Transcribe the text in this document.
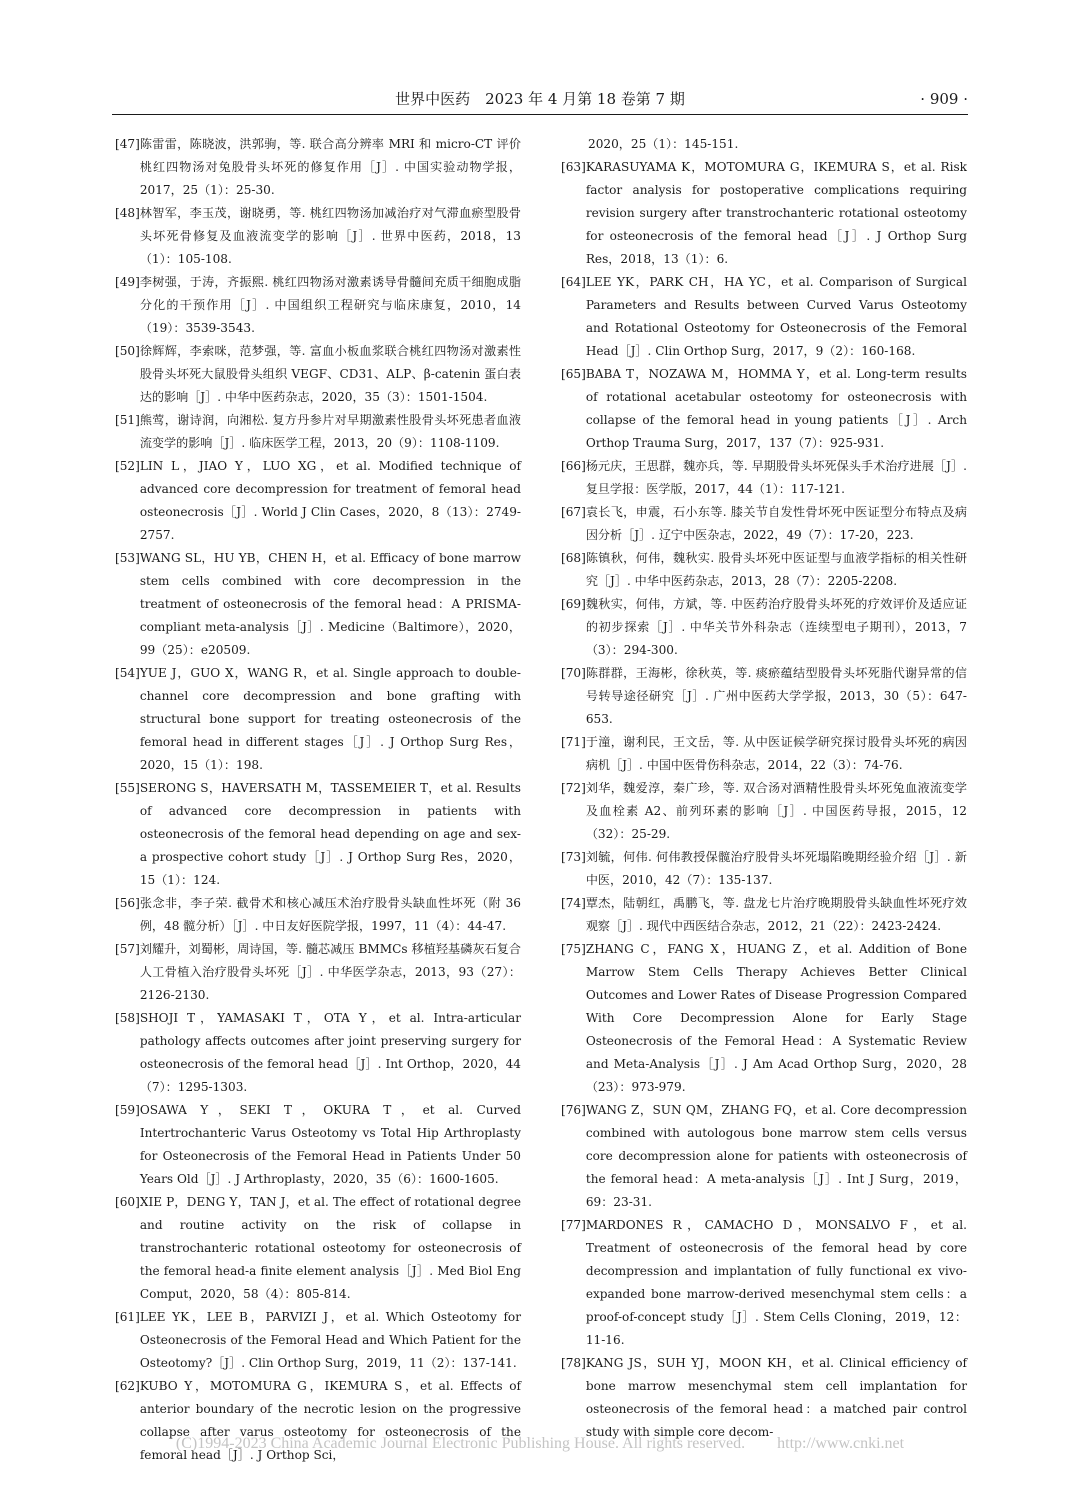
世界中医药　2023 年 4 月第 18 卷第 7 期	· 909 ·
[47] 陈雷雷，陈晓波，洪郭驹，等. 联合高分辨率 MRI 和 micro-CT 评价桃红四物汤对兔股骨头坏死的修复作用［J］. 中国实验动物学报，2017，25（1）：25-30.
[48] 林智军，李玉茂，谢晓勇，等. 桃红四物汤加减治疗对气滞血瘀型股骨头坏死骨修复及血液流变学的影响［J］. 世界中医药，2018，13（1）：105-108.
[49] 李树强，于涛，齐振熙. 桃红四物汤对激素诱导骨髓间充质干细胞成脂分化的干预作用［J］. 中国组织工程研究与临床康复，2010，14（19）：3539-3543.
[50] 徐辉辉，李索咪，范梦强，等. 富血小板血浆联合桃红四物汤对激素性股骨头坏死大鼠股骨头组织 VEGF、CD31、ALP、β-catenin 蛋白表达的影响［J］. 中华中医药杂志，2020，35（3）：1501-1504.
[51] 熊莺，谢诗润，向湘松. 复方丹参片对早期激素性股骨头坏死患者血液流变学的影响［J］. 临床医学工程，2013，20（9）：1108-1109.
[52] LIN L，JIAO Y，LUO XG，et al. Modified technique of advanced core decompression for treatment of femoral head osteonecrosis［J］. World J Clin Cases，2020，8（13）：2749-2757.
[53] WANG SL，HU YB，CHEN H，et al. Efficacy of bone marrow stem cells combined with core decompression in the treatment of osteonecrosis of the femoral head：A PRISMA-compliant meta-analysis［J］. Medicine（Baltimore），2020，99（25）：e20509.
[54] YUE J，GUO X，WANG R，et al. Single approach to double-channel core decompression and bone grafting with structural bone support for treating osteonecrosis of the femoral head in different stages［J］. J Orthop Surg Res，2020，15（1）：198.
[55] SERONG S，HAVERSATH M，TASSEMEIER T，et al. Results of advanced core decompression in patients with osteonecrosis of the femoral head depending on age and sex-a prospective cohort study［J］. J Orthop Surg Res，2020，15（1）：124.
[56] 张念非，李子荣. 截骨术和核心减压术治疗股骨头缺血性坏死（附 36 例，48 髋分析）［J］. 中日友好医院学报，1997，11（4）：44-47.
[57] 刘耀升，刘蜀彬，周诗国，等. 髓芯减压 BMMCs 移植羟基磷灰石复合人工骨植入治疗股骨头坏死［J］. 中华医学杂志，2013，93（27）：2126-2130.
[58] SHOJI T，YAMASAKI T，OTA Y，et al. Intra-articular pathology affects outcomes after joint preserving surgery for osteonecrosis of the femoral head［J］. Int Orthop，2020，44（7）：1295-1303.
[59] OSAWA Y，SEKI T，OKURA T，et al. Curved Intertrochanteric Varus Osteotomy vs Total Hip Arthroplasty for Osteonecrosis of the Femoral Head in Patients Under 50 Years Old［J］. J Arthroplasty，2020，35（6）：1600-1605.
[60] XIE P，DENG Y，TAN J，et al. The effect of rotational degree and routine activity on the risk of collapse in transtrochanteric rotational osteotomy for osteonecrosis of the femoral head-a finite element analysis［J］. Med Biol Eng Comput，2020，58（4）：805-814.
[61] LEE YK，LEE B，PARVIZI J，et al. Which Osteotomy for Osteonecrosis of the Femoral Head and Which Patient for the Osteotomy?［J］. Clin Orthop Surg，2019，11（2）：137-141.
[62] KUBO Y，MOTOMURA G，IKEMURA S，et al. Effects of anterior boundary of the necrotic lesion on the progressive collapse after varus osteotomy for osteonecrosis of the femoral head［J］. J Orthop Sci，
2020，25（1）：145-151.
[63] KARASUYAMA K，MOTOMURA G，IKEMURA S，et al. Risk factor analysis for postoperative complications requiring revision surgery after transtrochanteric rotational osteotomy for osteonecrosis of the femoral head［J］. J Orthop Surg Res，2018，13（1）：6.
[64] LEE YK，PARK CH，HA YC，et al. Comparison of Surgical Parameters and Results between Curved Varus Osteotomy and Rotational Osteotomy for Osteonecrosis of the Femoral Head［J］. Clin Orthop Surg，2017，9（2）：160-168.
[65] BABA T，NOZAWA M，HOMMA Y，et al. Long-term results of rotational acetabular osteotomy for osteonecrosis with collapse of the femoral head in young patients［J］. Arch Orthop Trauma Surg，2017，137（7）：925-931.
[66] 杨元庆，王思群，魏亦兵，等. 早期股骨头坏死保头手术治疗进展［J］. 复旦学报：医学版，2017，44（1）：117-121.
[67] 袁长飞，申震，石小东等. 膝关节自发性骨坏死中医证型分布特点及病因分析［J］. 辽宁中医杂志，2022，49（7）：17-20，223.
[68] 陈镇秋，何伟，魏秋实. 股骨头坏死中医证型与血液学指标的相关性研究［J］. 中华中医药杂志，2013，28（7）：2205-2208.
[69] 魏秋实，何伟，方斌，等. 中医药治疗股骨头坏死的疗效评价及适应证的初步探索［J］. 中华关节外科杂志（连续型电子期刊），2013，7（3）：294-300.
[70] 陈群群，王海彬，徐秋英，等. 痰瘀蕴结型股骨头坏死脂代谢异常的信号转导途径研究［J］. 广州中医药大学学报，2013，30（5）：647-653.
[71] 于潼，谢利民，王文岳，等. 从中医证候学研究探讨股骨头坏死的病因病机［J］. 中国中医骨伤科杂志，2014，22（3）：74-76.
[72] 刘华，魏爱淳，秦广珍，等. 双合汤对酒精性股骨头坏死兔血液流变学及血栓素 A2、前列环素的影响［J］. 中国医药导报，2015，12（32）：25-29.
[73] 刘毓，何伟. 何伟教授保髋治疗股骨头坏死塌陷晚期经验介绍［J］. 新中医，2010，42（7）：135-137.
[74] 覃杰，陆朝红，禹鹏飞，等. 盘龙七片治疗晚期股骨头缺血性坏死疗效观察［J］. 现代中西医结合杂志，2012，21（22）：2423-2424.
[75] ZHANG C，FANG X，HUANG Z，et al. Addition of Bone Marrow Stem Cells Therapy Achieves Better Clinical Outcomes and Lower Rates of Disease Progression Compared With Core Decompression Alone for Early Stage Osteonecrosis of the Femoral Head：A Systematic Review and Meta-Analysis［J］. J Am Acad Orthop Surg，2020，28（23）：973-979.
[76] WANG Z，SUN QM，ZHANG FQ，et al. Core decompression combined with autologous bone marrow stem cells versus core decompression alone for patients with osteonecrosis of the femoral head：A meta-analysis［J］. Int J Surg，2019，69：23-31.
[77] MARDONES R，CAMACHO D，MONSALVO F，et al. Treatment of osteonecrosis of the femoral head by core decompression and implantation of fully functional ex vivo-expanded bone marrow-derived mesenchymal stem cells：a proof-of-concept study［J］. Stem Cells Cloning，2019，12：11-16.
[78] KANG JS，SUH YJ，MOON KH，et al. Clinical efficiency of bone marrow mesenchymal stem cell implantation for osteonecrosis of the femoral head：a matched pair control study with simple core decom-
(C)1994-2023 China Academic Journal Electronic Publishing House. All rights reserved.　　http://www.cnki.net
